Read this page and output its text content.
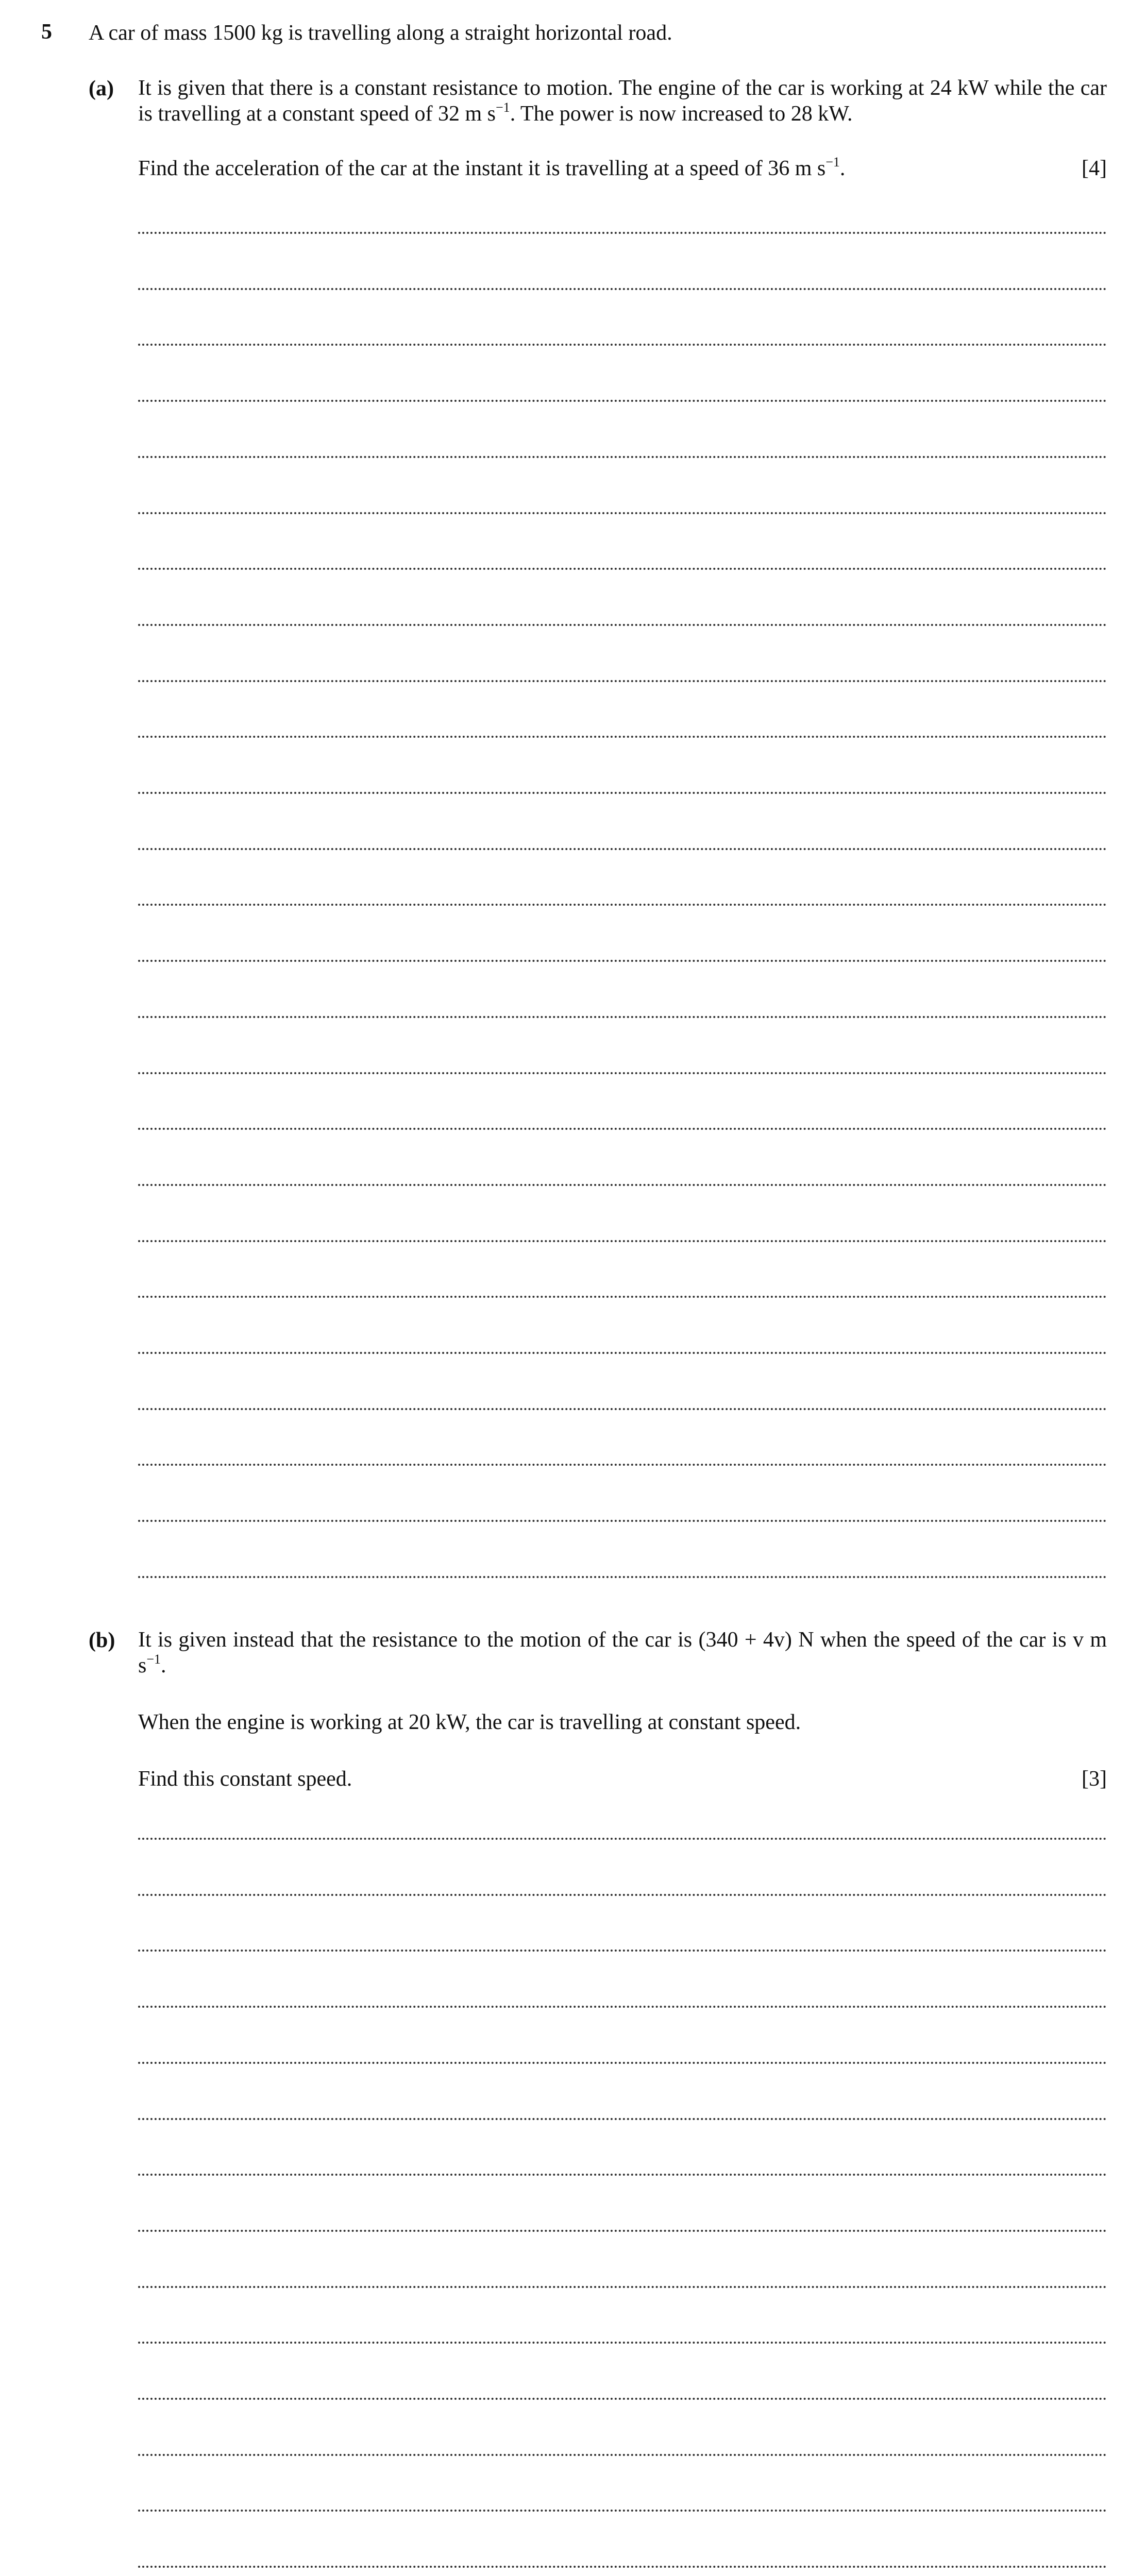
5 A car of mass 1500 kg is travelling along a straight horizontal road.
(a) It is given that there is a constant resistance to motion. The engine of the car is working at 24 kW while the car is travelling at a constant speed of 32 m $s^{-1}$. The power is now increased to 28 kW.
Find the acceleration of the car at the instant it is travelling at a speed of 36 m $s^{-1}$.	[4]
(b) It is given instead that the resistance to the motion of the car is (340 + 4v) N when the speed of the car is v m $s^{-1}$.
When the engine is working at 20 kW, the car is travelling at constant speed.
Find this constant speed.	[3]
